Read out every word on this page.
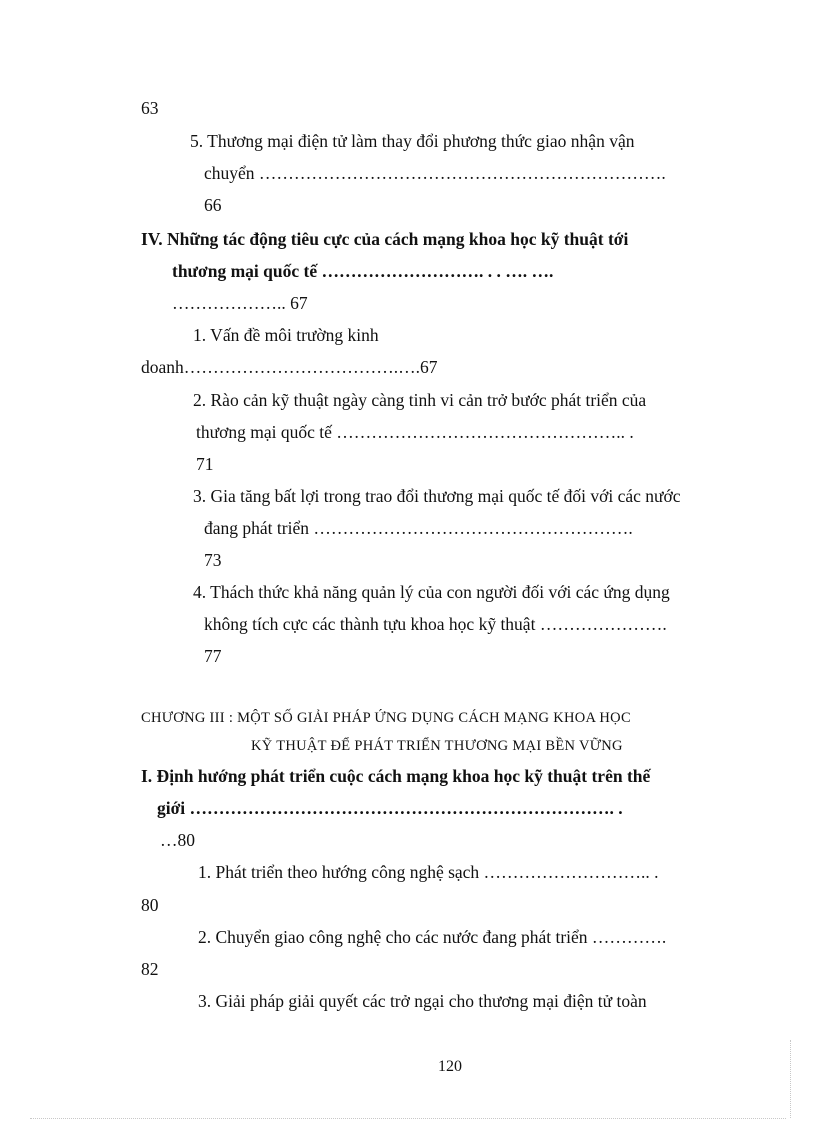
63
5. Thương mại điện tử làm thay đổi phương thức giao nhận vận
chuyển …………………………………………………………….
66
IV. Những tác động tiêu cực của cách mạng khoa học kỹ thuật tới
thương mại quốc tế ………………………. . . …. ….
……………….. 67
1. Vấn đề môi trường kinh
doanh……………………………….….67
2. Rào cản kỹ thuật ngày càng tinh vi cản trở bước phát triển của
thương mại quốc tế ………………………………………….. .
71
3. Gia tăng bất lợi trong trao đổi thương mại quốc tế đối với các nước
đang phát triển ……………………………………………….
73
4. Thách thức khả năng quản lý của con người đối với các ứng dụng
không tích cực các thành tựu khoa học kỹ thuật ………………….
77
CHƯƠNG III : MỘT SỐ GIẢI PHÁP ỨNG DỤNG CÁCH MẠNG KHOA HỌC
KỸ THUẬT ĐỂ PHÁT TRIỂN THƯƠNG MẠI BỀN VỮNG
I. Định hướng phát triển cuộc cách mạng khoa học kỹ thuật trên thế
giới ………………………………………………………………. .
…80
1. Phát triển theo hướng công nghệ sạch ……………………….. .
80
2. Chuyển giao công nghệ cho các nước đang phát triển ………….
82
3. Giải pháp giải quyết các trở ngại cho thương mại điện tử toàn
120
